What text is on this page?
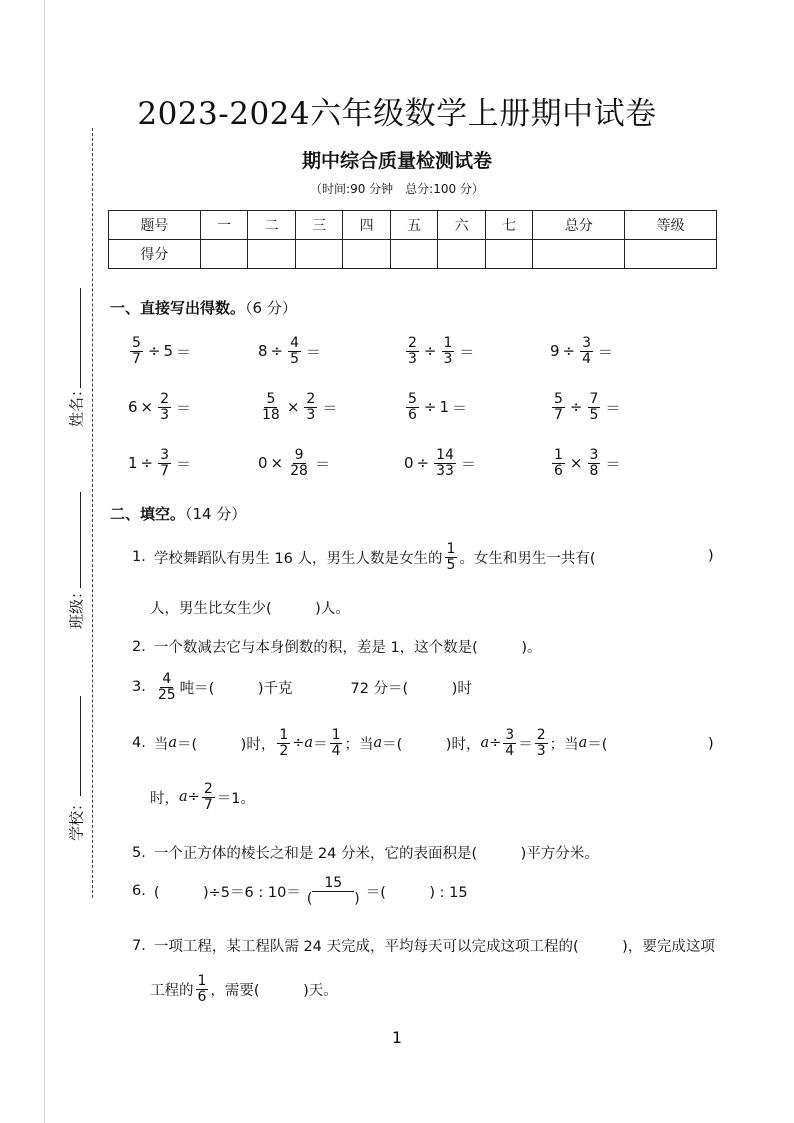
姓名：
班级：
学校：
2023-2024六年级数学上册期中试卷
期中综合质量检测试卷
（时间:90 分钟　总分:100 分）
题号	一	二	三	四	五	六	七	总分	等级
得分									
一、直接写出得数。（6 分）
$\frac{5}{7} \div 5$ ＝	$8 \div \frac{4}{5}$ ＝	$\frac{2}{3} \div \frac{1}{3}$ ＝	$9 \div \frac{3}{4}$ ＝
$6 \times \frac{2}{3}$ ＝	$\frac{5}{18} \times \frac{2}{3}$ ＝	$\frac{5}{6} \div 1$ ＝	$\frac{5}{7} \div \frac{7}{5}$ ＝
$1 \div \frac{3}{7}$ ＝	$0 \times \frac{9}{28}$ ＝	$0 \div \frac{14}{33}$ ＝	$\frac{1}{6} \times \frac{3}{8}$ ＝
二、填空。（14 分）
1. 学校舞蹈队有男生 16 人，男生人数是女生的 $\frac{1}{5}$ 。女生和男生一共有(	)
人，男生比女生少(　　　)人。
2. 一个数减去它与本身倒数的积，差是 1，这个数是(　　　)。
3. $\frac{4}{25}$ 吨＝(　　　)千克	72 分＝(　　　)时
4. 当 a ＝(　　　)时， $\frac{1}{2} \div a = \frac{1}{4}$ ；当 a ＝(　　　)时， $a \div \frac{3}{4} = \frac{2}{3}$ ；当 a ＝(	)
时， $a \div \frac{2}{7} =1$。
5. 一个正方体的棱长之和是 24 分米，它的表面积是(　　　)平方分米。
6. (　　　)÷5＝6 : $10= \frac{15}{( )}$ ＝(　　　) : 15
7. 一项工程，某工程队需 24 天完成，平均每天可以完成这项工程的(　　　)，要完成这项
工程的 $\frac{1}{6}$ ，需要(　　　)天。
1
